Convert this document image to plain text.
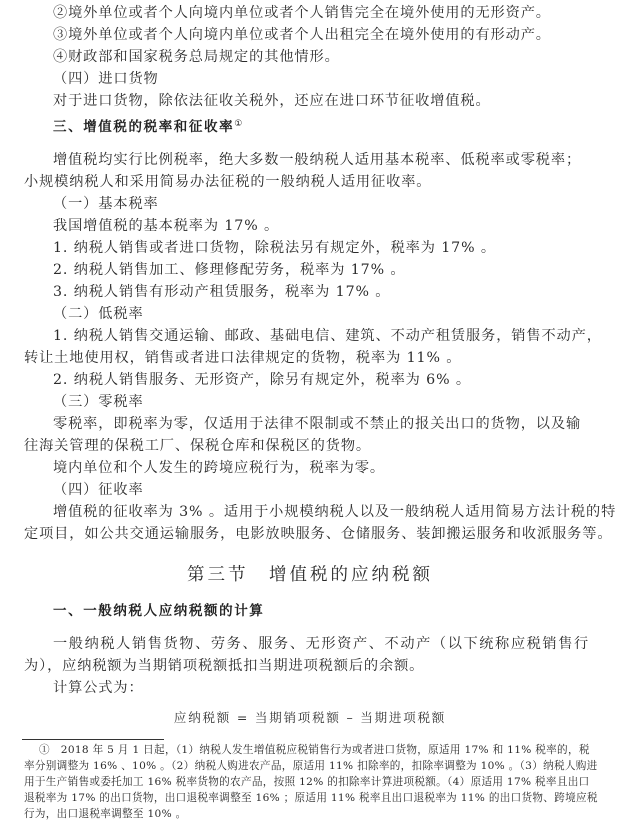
②境外单位或者个人向境内单位或者个人销售完全在境外使用的无形资产。
③境外单位或者个人向境内单位或者个人出租完全在境外使用的有形动产。
④财政部和国家税务总局规定的其他情形。
（四）进口货物
对于进口货物，除依法征收关税外，还应在进口环节征收增值税。
三、增值税的税率和征收率①
增值税均实行比例税率，绝大多数一般纳税人适用基本税率、低税率或零税率；
小规模纳税人和采用简易办法征税的一般纳税人适用征收率。
（一）基本税率
我国增值税的基本税率为 17% 。
1. 纳税人销售或者进口货物，除税法另有规定外，税率为 17% 。
2. 纳税人销售加工、修理修配劳务，税率为 17% 。
3. 纳税人销售有形动产租赁服务，税率为 17% 。
（二）低税率
1. 纳税人销售交通运输、邮政、基础电信、建筑、不动产租赁服务，销售不动产，
转让土地使用权，销售或者进口法律规定的货物，税率为 11% 。
2. 纳税人销售服务、无形资产，除另有规定外，税率为 6% 。
（三）零税率
零税率，即税率为零，仅适用于法律不限制或不禁止的报关出口的货物，以及输
往海关管理的保税工厂、保税仓库和保税区的货物。
境内单位和个人发生的跨境应税行为，税率为零。
（四）征收率
增值税的征收率为 3% 。适用于小规模纳税人以及一般纳税人适用简易方法计税的特
定项目，如公共交通运输服务，电影放映服务、仓储服务、装卸搬运服务和收派服务等。
第三节　增值税的应纳税额
一、一般纳税人应纳税额的计算
一般纳税人销售货物、劳务、服务、无形资产、不动产（以下统称应税销售行
为），应纳税额为当期销项税额抵扣当期进项税额后的余额。
计算公式为：
应纳税额 = 当期销项税额 – 当期进项税额
①　2018 年 5 月 1 日起，（1）纳税人发生增值税应税销售行为或者进口货物，原适用 17% 和 11% 税率的，税
率分别调整为 16% 、10% 。（2）纳税人购进农产品，原适用 11% 扣除率的，扣除率调整为 10% 。（3）纳税人购进
用于生产销售或委托加工 16% 税率货物的农产品，按照 12% 的扣除率计算进项税额。（4）原适用 17% 税率且出口
退税率为 17% 的出口货物，出口退税率调整至 16% ；原适用 11% 税率且出口退税率为 11% 的出口货物、跨境应税
行为，出口退税率调整至 10% 。
